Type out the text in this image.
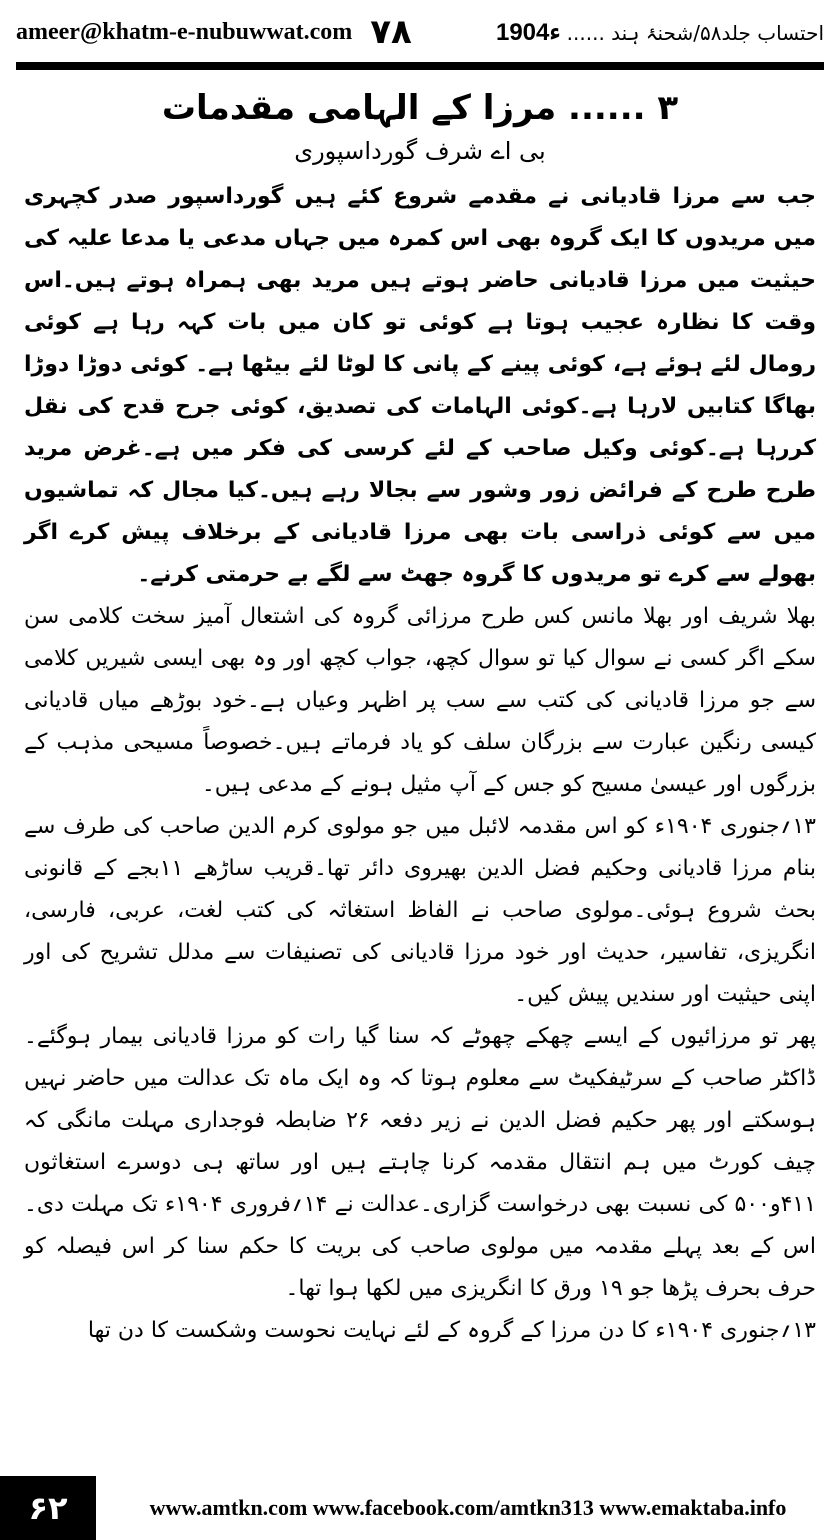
ameer@khatm-e-nubuwwat.com ۷۸	احتساب جلد۵۸/شحنۂ ہند ......
1904ء
۳ ...... مرزا کے الہامی مقدمات

بی اے شرف گورداسپوری

جب سے مرزا قادیانی نے مقدمے شروع کئے ہیں گورداسپور صدر کچہری میں مریدوں کا ایک گروہ بھی اس کمرہ میں جہاں مدعی یا مدعا علیہ کی حیثیت میں مرزا قادیانی حاضر ہوتے ہیں مرید بھی ہمراہ ہوتے ہیں۔اس وقت کا نظارہ عجیب ہوتا ہے کوئی تو کان میں بات کہہ رہا ہے کوئی رومال لئے ہوئے ہے، کوئی پینے کے پانی کا لوٹا لئے بیٹھا ہے۔ کوئی دوڑا دوڑا بھاگا کتابیں لارہا ہے۔کوئی الہامات کی تصدیق، کوئی جرح قدح کی نقل کررہا ہے۔کوئی وکیل صاحب کے لئے کرسی کی فکر میں ہے۔غرض مرید طرح طرح کے فرائض زور وشور سے بجالا رہے ہیں۔کیا مجال کہ تماشیوں میں سے کوئی ذراسی بات بھی مرزا قادیانی کے برخلاف پیش کرے اگر بھولے سے کرے تو مریدوں کا گروہ جھٹ سے لگے بے حرمتی کرنے۔

بھلا شریف اور بھلا مانس کس طرح مرزائی گروہ کی اشتعال آمیز سخت کلامی سن سکے اگر کسی نے سوال کیا تو سوال کچھ، جواب کچھ اور وہ بھی ایسی شیریں کلامی سے جو مرزا قادیانی کی کتب سے سب پر اظہر وعیاں ہے۔خود بوڑھے میاں قادیانی کیسی رنگین عبارت سے بزرگان سلف کو یاد فرماتے ہیں۔خصوصاً مسیحی مذہب کے بزرگوں اور عیسیٰ مسیح کو جس کے آپ مثیل ہونے کے مدعی ہیں۔

۱۳؍جنوری ۱۹۰۴ء کو اس مقدمہ لائبل میں جو مولوی کرم الدین صاحب کی طرف سے بنام مرزا قادیانی وحکیم فضل الدین بھیروی دائر تھا۔قریب ساڑھے ۱۱بجے کے قانونی بحث شروع ہوئی۔مولوی صاحب نے الفاظ استغاثہ کی کتب لغت، عربی، فارسی، انگریزی، تفاسیر، حدیث اور خود مرزا قادیانی کی تصنیفات سے مدلل تشریح کی اور اپنی حیثیت اور سندیں پیش کیں۔

پھر تو مرزائیوں کے ایسے چھکے چھوٹے کہ سنا گیا رات کو مرزا قادیانی بیمار ہوگئے۔ ڈاکٹر صاحب کے سرٹیفکیٹ سے معلوم ہوتا کہ وہ ایک ماہ تک عدالت میں حاضر نہیں ہوسکتے اور پھر حکیم فضل الدین نے زیر دفعہ ۲۶ ضابطہ فوجداری مہلت مانگی کہ چیف کورٹ میں ہم انتقال مقدمہ کرنا چاہتے ہیں اور ساتھ ہی دوسرے استغاثوں ۴۱۱و۵۰۰ کی نسبت بھی درخواست گزاری۔عدالت نے ۱۴؍فروری ۱۹۰۴ء تک مہلت دی۔اس کے بعد پہلے مقدمہ میں مولوی صاحب کی بریت کا حکم سنا کر اس فیصلہ کو حرف بحرف پڑھا جو ۱۹ ورق کا انگریزی میں لکھا ہوا تھا۔

۱۳؍جنوری ۱۹۰۴ء کا دن مرزا کے گروہ کے لئے نہایت نحوست وشکست کا دن تھا

۶۲	www.amtkn.com www.facebook.com/amtkn313 www.emaktaba.info
